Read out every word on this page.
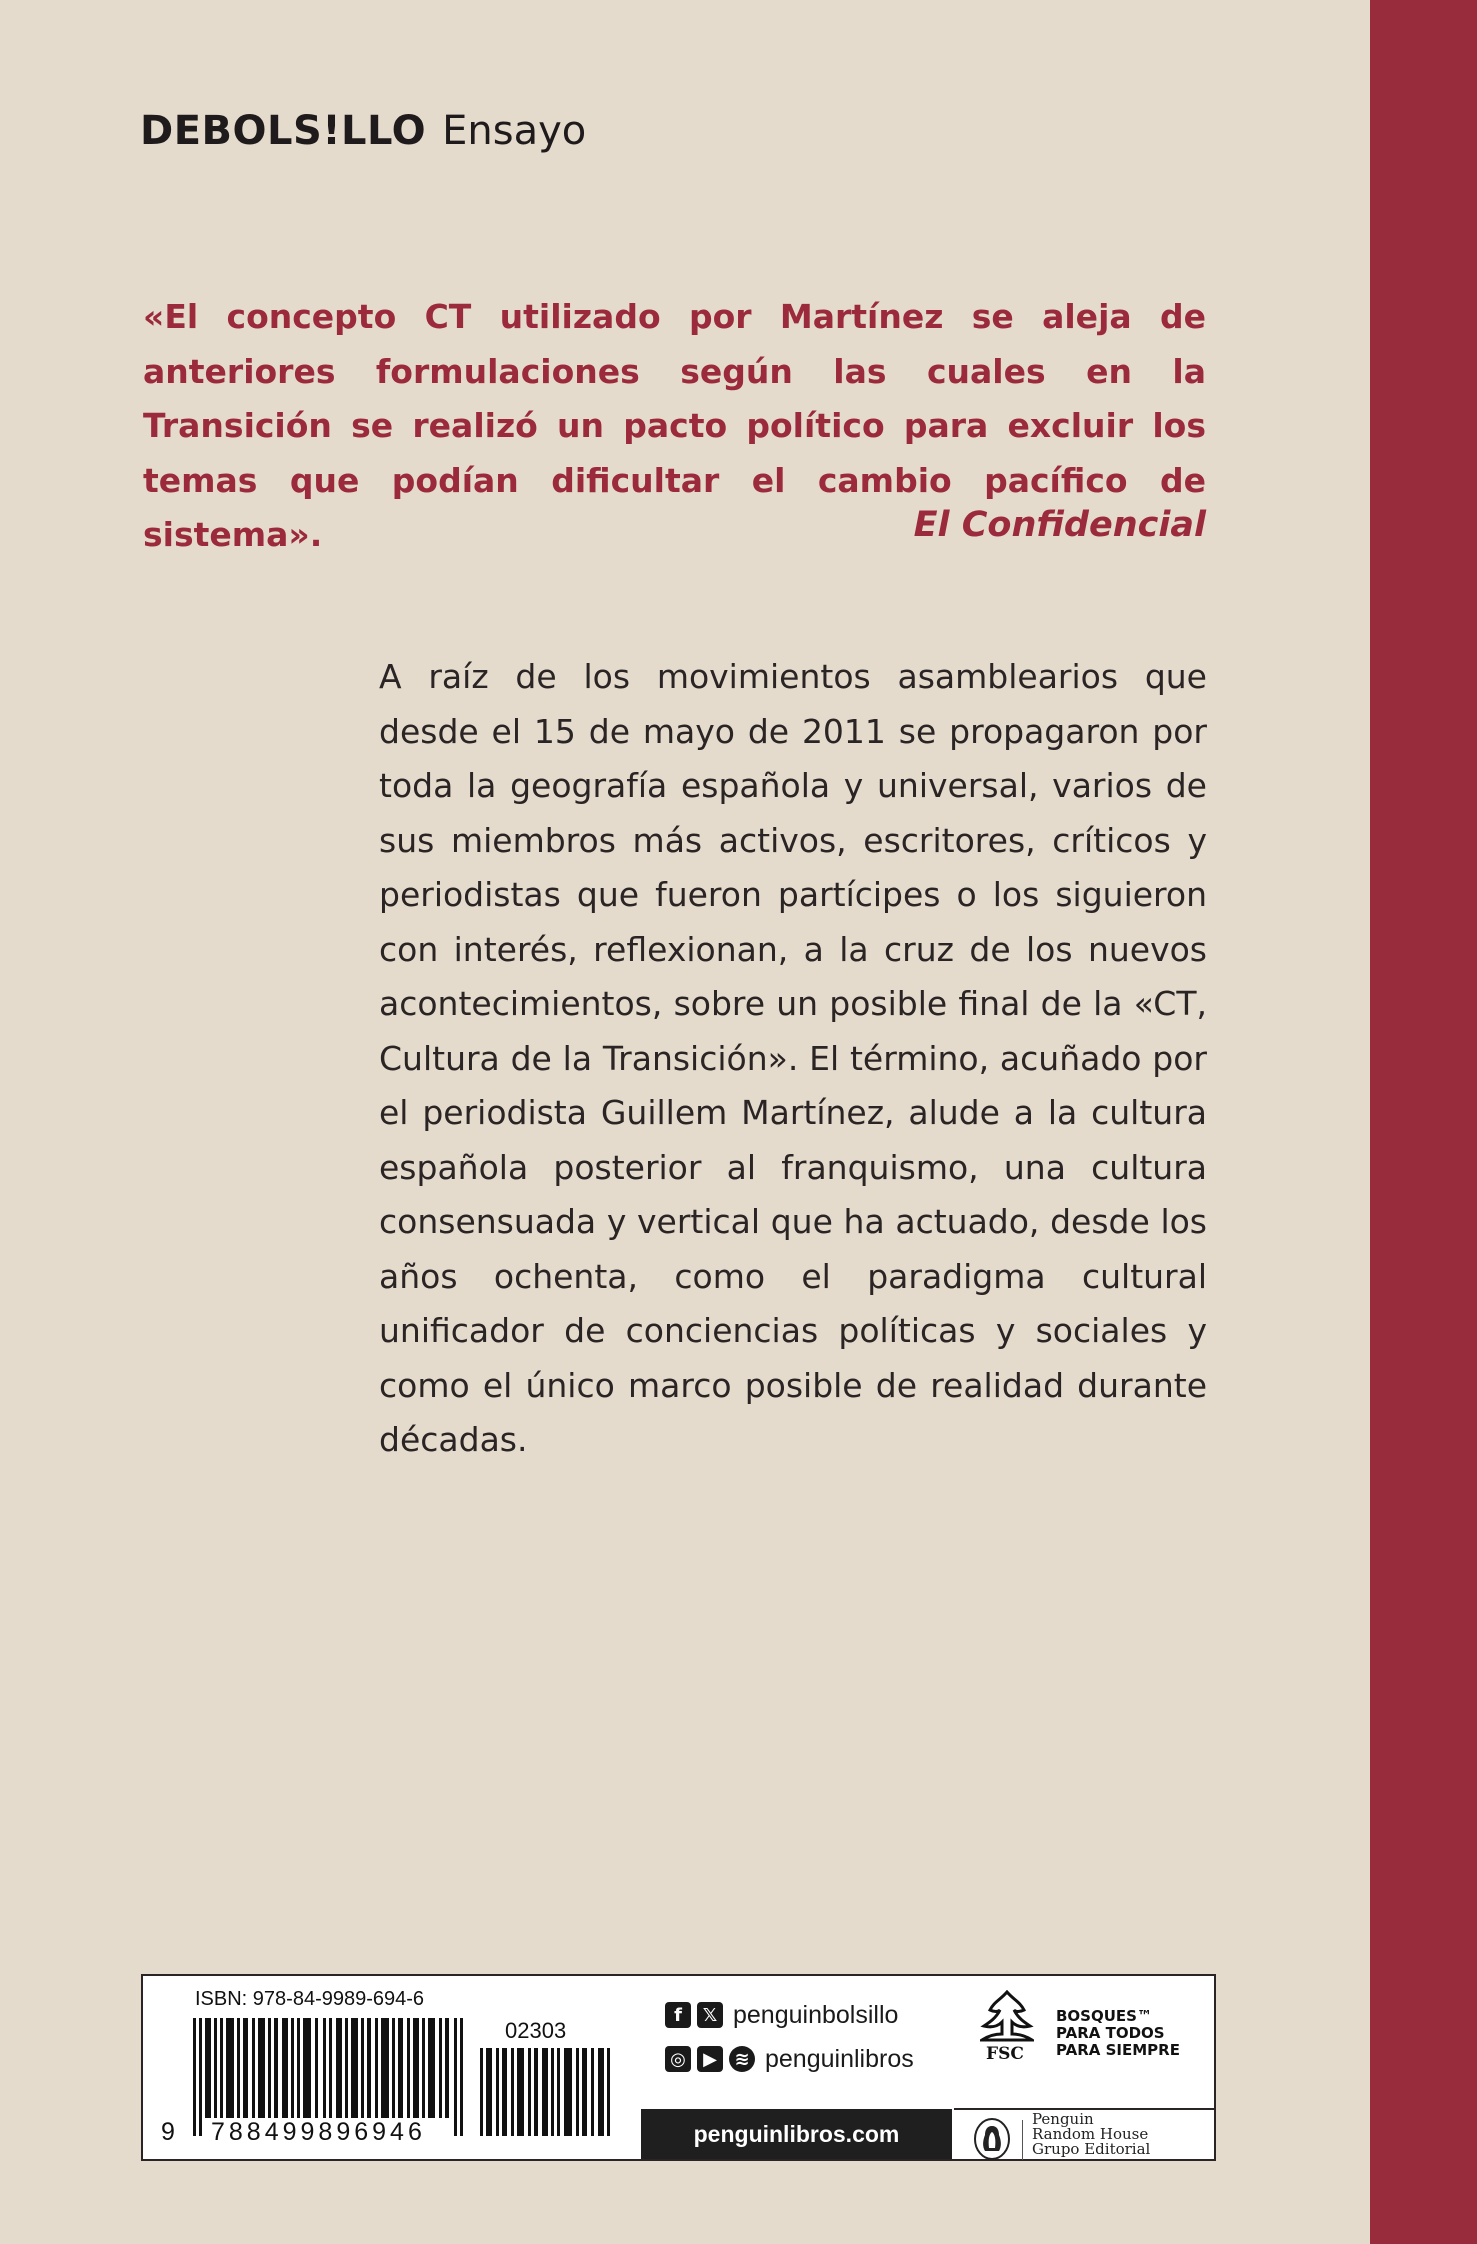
DEBOLS!LLO Ensayo

«El concepto CT utilizado por Martínez se aleja de anteriores formulaciones según las cuales en la Transición se realizó un pacto político para excluir los temas que podían dificultar el cambio pacífico de sistema».	El Confidencial

A raíz de los movimientos asamblearios que desde el 15 de mayo de 2011 se propagaron por toda la geografía española y universal, varios de sus miembros más activos, escritores, críticos y periodistas que fueron partícipes o los siguieron con interés, reflexionan, a la cruz de los nuevos acontecimientos, sobre un posible final de la «CT, Cultura de la Transición». El término, acuñado por el periodista Guillem Martínez, alude a la cultura española posterior al franquismo, una cultura consensuada y vertical que ha actuado, desde los años ochenta, como el paradigma cultural unificador de conciencias políticas y sociales y como el único marco posible de realidad durante décadas.

ISBN: 978-84-9989-694-6
02303
9 788499896946
f	𝕏 penguinbolsillo
◎ ▶ ≋ penguinlibros
penguinlibros.com
FSC
BOSQUES™
PARA TODOS
PARA SIEMPRE
Penguin
Random House
Grupo Editorial
